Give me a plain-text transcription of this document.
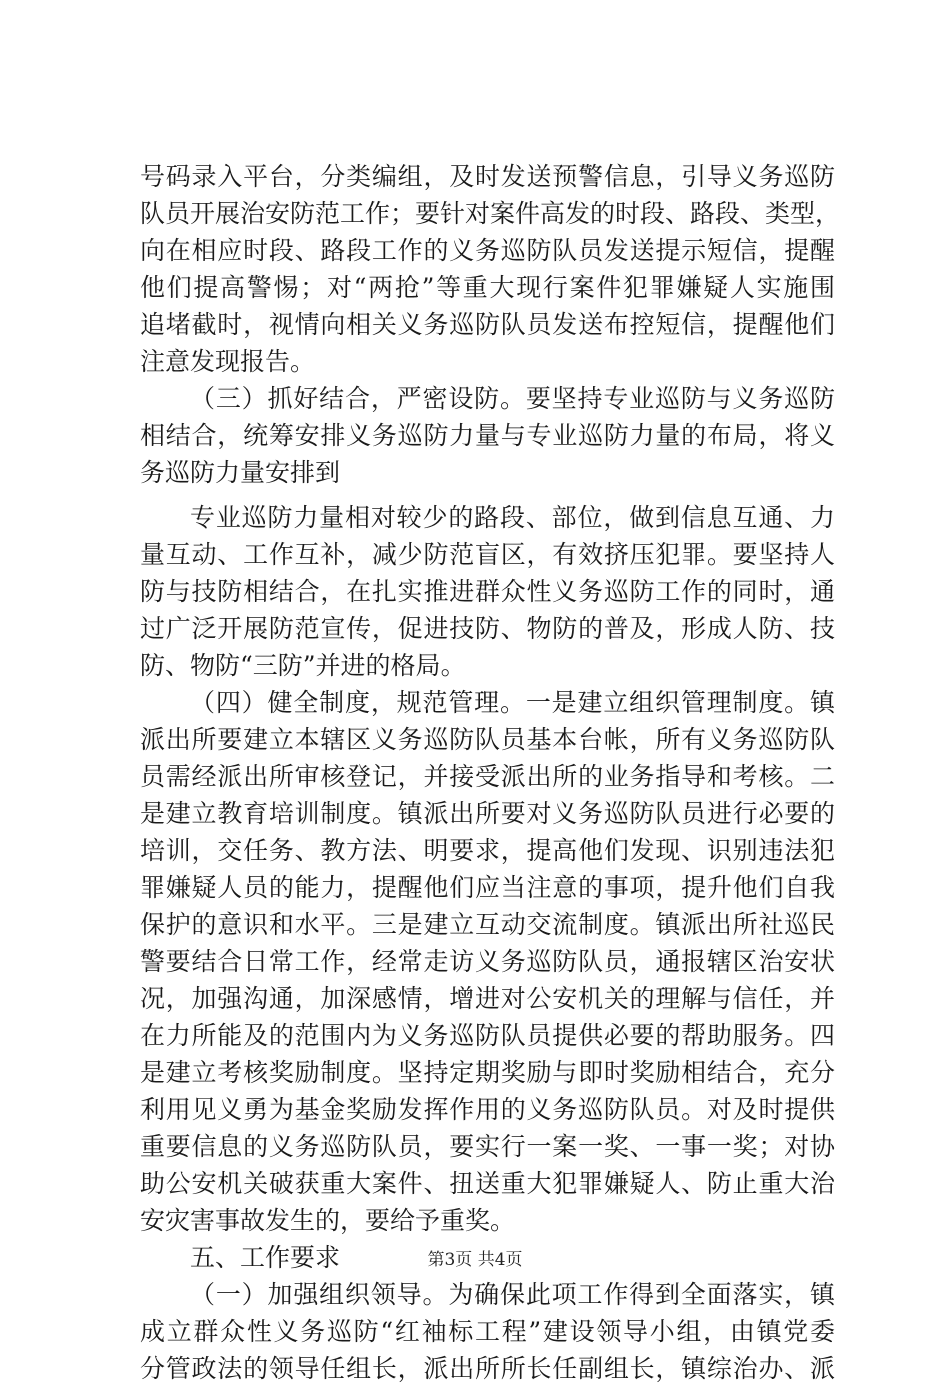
号码录入平台，分类编组，及时发送预警信息，引导义务巡防
队员开展治安防范工作；要针对案件高发的时段、路段、类型，
向在相应时段、路段工作的义务巡防队员发送提示短信，提醒
他们提高警惕；对“两抢”等重大现行案件犯罪嫌疑人实施围
追堵截时，视情向相关义务巡防队员发送布控短信，提醒他们
注意发现报告。
（三）抓好结合，严密设防。要坚持专业巡防与义务巡防
相结合，统筹安排义务巡防力量与专业巡防力量的布局，将义
务巡防力量安排到
专业巡防力量相对较少的路段、部位，做到信息互通、力
量互动、工作互补，减少防范盲区，有效挤压犯罪。要坚持人
防与技防相结合，在扎实推进群众性义务巡防工作的同时，通
过广泛开展防范宣传，促进技防、物防的普及，形成人防、技
防、物防“三防”并进的格局。
（四）健全制度，规范管理。一是建立组织管理制度。镇
派出所要建立本辖区义务巡防队员基本台帐，所有义务巡防队
员需经派出所审核登记，并接受派出所的业务指导和考核。二
是建立教育培训制度。镇派出所要对义务巡防队员进行必要的
培训，交任务、教方法、明要求，提高他们发现、识别违法犯
罪嫌疑人员的能力，提醒他们应当注意的事项，提升他们自我
保护的意识和水平。三是建立互动交流制度。镇派出所社巡民
警要结合日常工作，经常走访义务巡防队员，通报辖区治安状
况，加强沟通，加深感情，增进对公安机关的理解与信任，并
在力所能及的范围内为义务巡防队员提供必要的帮助服务。四
是建立考核奖励制度。坚持定期奖励与即时奖励相结合，充分
利用见义勇为基金奖励发挥作用的义务巡防队员。对及时提供
重要信息的义务巡防队员，要实行一案一奖、一事一奖；对协
助公安机关破获重大案件、扭送重大犯罪嫌疑人、防止重大治
安灾害事故发生的，要给予重奖。
五、工作要求
（一）加强组织领导。为确保此项工作得到全面落实，镇
成立群众性义务巡防“红袖标工程”建设领导小组，由镇党委
分管政法的领导任组长，派出所所长任副组长，镇综治办、派
第3页 共4页
